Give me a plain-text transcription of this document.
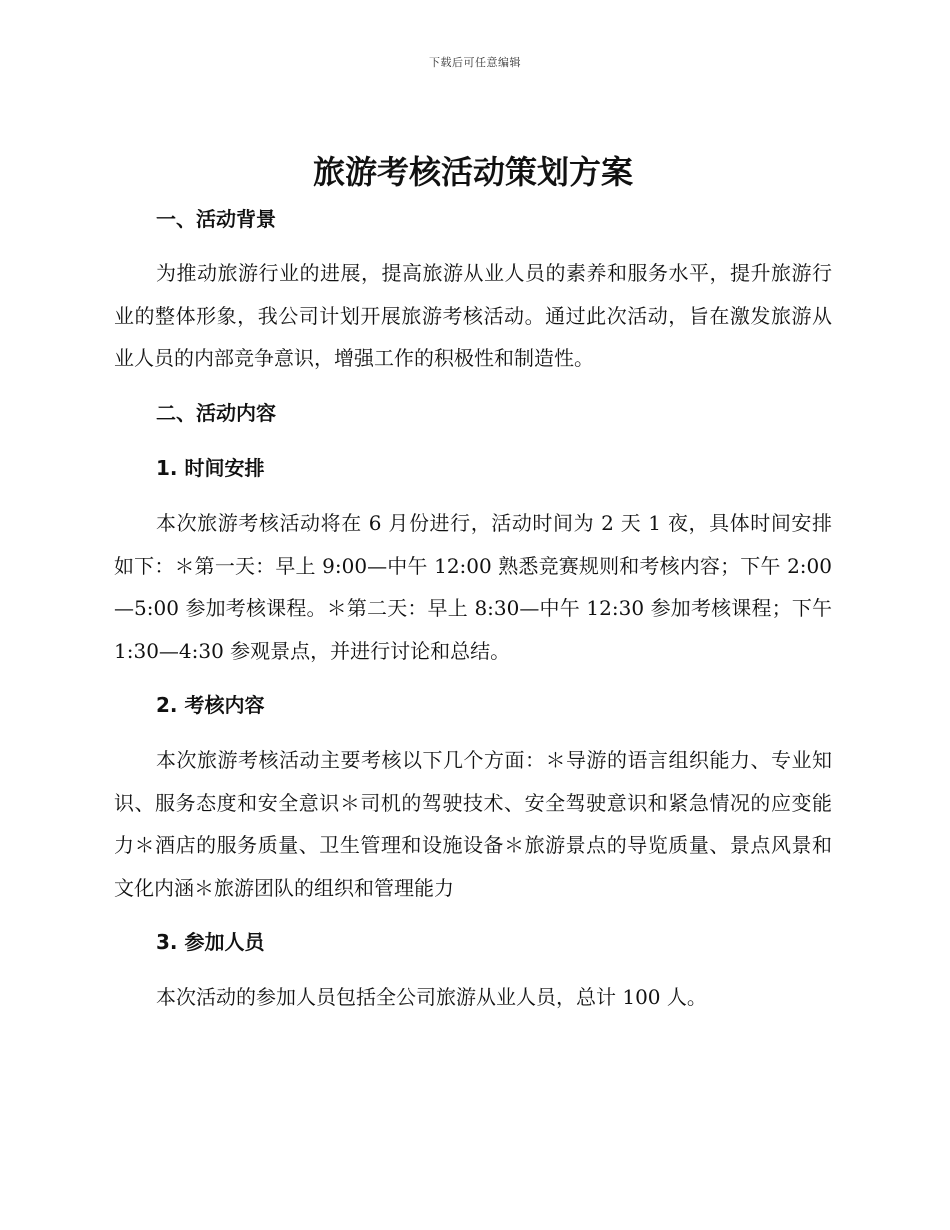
下载后可任意编辑
旅游考核活动策划方案
一、活动背景

为推动旅游行业的进展，提高旅游从业人员的素养和服务水平，提升旅游行业的整体形象，我公司计划开展旅游考核活动。通过此次活动，旨在激发旅游从业人员的内部竞争意识，增强工作的积极性和制造性。

二、活动内容
1. 时间安排

本次旅游考核活动将在 6 月份进行，活动时间为 2 天 1 夜，具体时间安排如下：＊第一天：早上 9:00—中午 12:00 熟悉竞赛规则和考核内容；下午 2:00—5:00 参加考核课程。＊第二天：早上 8:30—中午 12:30 参加考核课程；下午 1:30—4:30 参观景点，并进行讨论和总结。

2. 考核内容

本次旅游考核活动主要考核以下几个方面：＊导游的语言组织能力、专业知识、服务态度和安全意识＊司机的驾驶技术、安全驾驶意识和紧急情况的应变能力＊酒店的服务质量、卫生管理和设施设备＊旅游景点的导览质量、景点风景和文化内涵＊旅游团队的组织和管理能力

3. 参加人员

本次活动的参加人员包括全公司旅游从业人员，总计 100 人。
